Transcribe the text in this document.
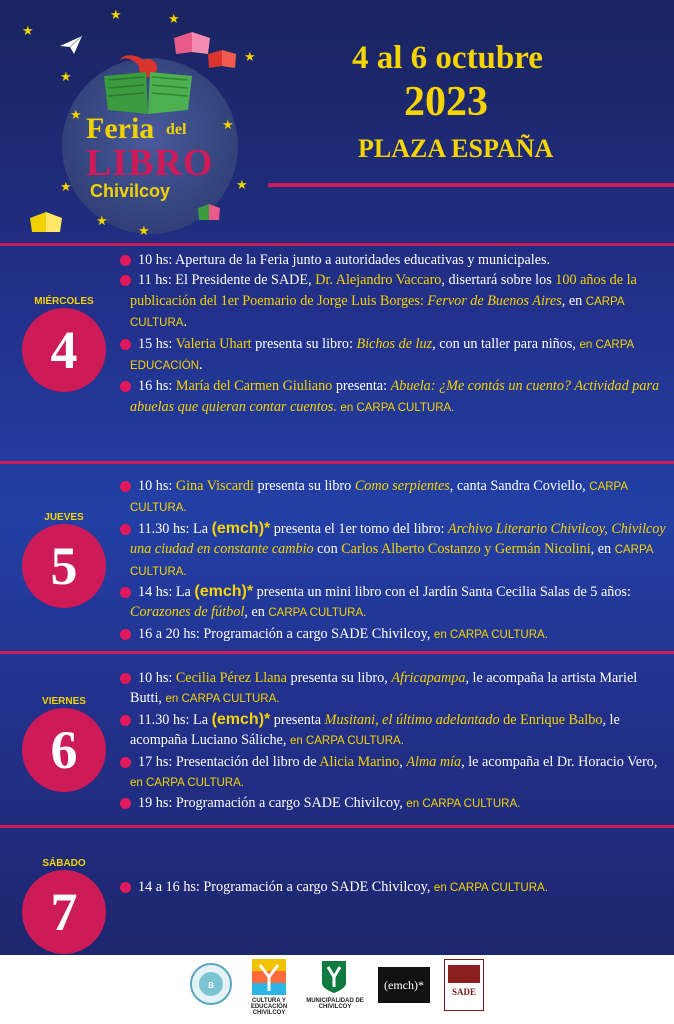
Feria del
LIBRO
Chivilcoy
★
★	★
★
★
★
★
★	★
★
★
4 al 6 octubre
2023
PLAZA ESPAÑA
MIÉRCOLES
4
10 hs: Apertura de la Feria junto a autoridades educativas y municipales.
11 hs: El Presidente de SADE, Dr. Alejandro Vaccaro, disertará sobre los 100 años de la publicación del 1er Poemario de Jorge Luis Borges: Fervor de Buenos Aires, en CARPA CULTURA.
15 hs: Valeria Uhart presenta su libro: Bichos de luz, con un taller para niños, en CARPA EDUCACIÓN.
16 hs: María del Carmen Giuliano presenta: Abuela: ¿Me contás un cuento? Actividad para abuelas que quieran contar cuentos. en CARPA CULTURA.
JUEVES
5
10 hs: Gina Viscardi presenta su libro Como serpientes, canta Sandra Coviello, CARPA CULTURA.
11.30 hs: La (emch)* presenta el 1er tomo del libro: Archivo Literario Chivilcoy, Chivilcoy una ciudad en constante cambio con Carlos Alberto Costanzo y Germán Nicolini, en CARPA CULTURA.
14 hs: La (emch)* presenta un mini libro con el Jardín Santa Cecilia Salas de 5 años: Corazones de fútbol, en CARPA CULTURA.
16 a 20 hs: Programación a cargo SADE Chivilcoy, en CARPA CULTURA.
VIERNES
6
10 hs: Cecilia Pérez Llana presenta su libro, Africapampa, le acompaña la artista Mariel Butti, en CARPA CULTURA.
11.30 hs: La (emch)* presenta Musitani, el último adelantado de Enrique Balbo, le acompaña Luciano Sáliche, en CARPA CULTURA.
17 hs: Presentación del libro de Alicia Marino, Alma mía, le acompaña el Dr. Horacio Vero, en CARPA CULTURA.
19 hs: Programación a cargo SADE Chivilcoy, en CARPA CULTURA.
SÁBADO
7	14 a 16 hs: Programación a cargo SADE Chivilcoy, en CARPA CULTURA.
B
CULTURA Y EDUCACIÓN CHIVILCOY
MUNICIPALIDAD DE CHIVILCOY
(emch)*	SADE
